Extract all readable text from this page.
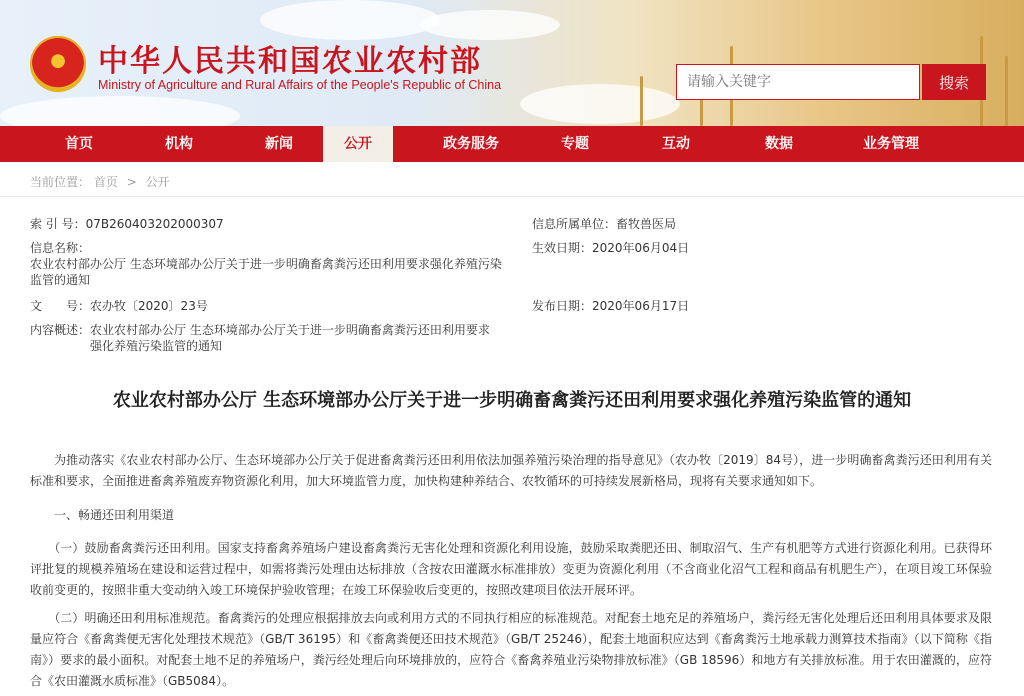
中华人民共和国农业农村部
Ministry of Agriculture and Rural Affairs of the People's Republic of China
请输入关键字	搜索
首页	机构	新闻	公开	政务服务	专题	互动	数据	业务管理
当前位置： 首页 > 公开
索 引 号：07B260403202000307	信息所属单位：畜牧兽医局
信息名称：
农业农村部办公厅 生态环境部办公厅关于进一步明确畜禽粪污还田利用要求强化养殖污染监管的通知
生效日期：2020年06月04日
文　　号：农办牧〔2020〕23号	发布日期：2020年06月17日
内容概述： 农业农村部办公厅 生态环境部办公厅关于进一步明确畜禽粪污还田利用要求强化养殖污染监管的通知
农业农村部办公厅 生态环境部办公厅关于进一步明确畜禽粪污还田利用要求强化养殖污染监管的通知
　　为推动落实《农业农村部办公厅、生态环境部办公厅关于促进畜禽粪污还田利用依法加强养殖污染治理的指导意见》（农办牧〔2019〕84号），进一步明确畜禽粪污还田利用有关标准和要求，全面推进畜禽养殖废弃物资源化利用，加大环境监管力度，加快构建种养结合、农牧循环的可持续发展新格局，现将有关要求通知如下。
　　一、畅通还田利用渠道
　　（一）鼓励畜禽粪污还田利用。国家支持畜禽养殖场户建设畜禽粪污无害化处理和资源化利用设施，鼓励采取粪肥还田、制取沼气、生产有机肥等方式进行资源化利用。已获得环评批复的规模养殖场在建设和运营过程中，如需将粪污处理由达标排放（含按农田灌溉水标准排放）变更为资源化利用（不含商业化沼气工程和商品有机肥生产），在项目竣工环保验收前变更的，按照非重大变动纳入竣工环境保护验收管理；在竣工环保验收后变更的，按照改建项目依法开展环评。
　　（二）明确还田利用标准规范。畜禽粪污的处理应根据排放去向或利用方式的不同执行相应的标准规范。对配套土地充足的养殖场户，粪污经无害化处理后还田利用具体要求及限量应符合《畜禽粪便无害化处理技术规范》（GB/T 36195）和《畜禽粪便还田技术规范》（GB/T 25246），配套土地面积应达到《畜禽粪污土地承载力测算技术指南》（以下简称《指南》）要求的最小面积。对配套土地不足的养殖场户，粪污经处理后向环境排放的，应符合《畜禽养殖业污染物排放标准》（GB 18596）和地方有关排放标准。用于农田灌溉的，应符合《农田灌溉水质标准》（GB5084）。
